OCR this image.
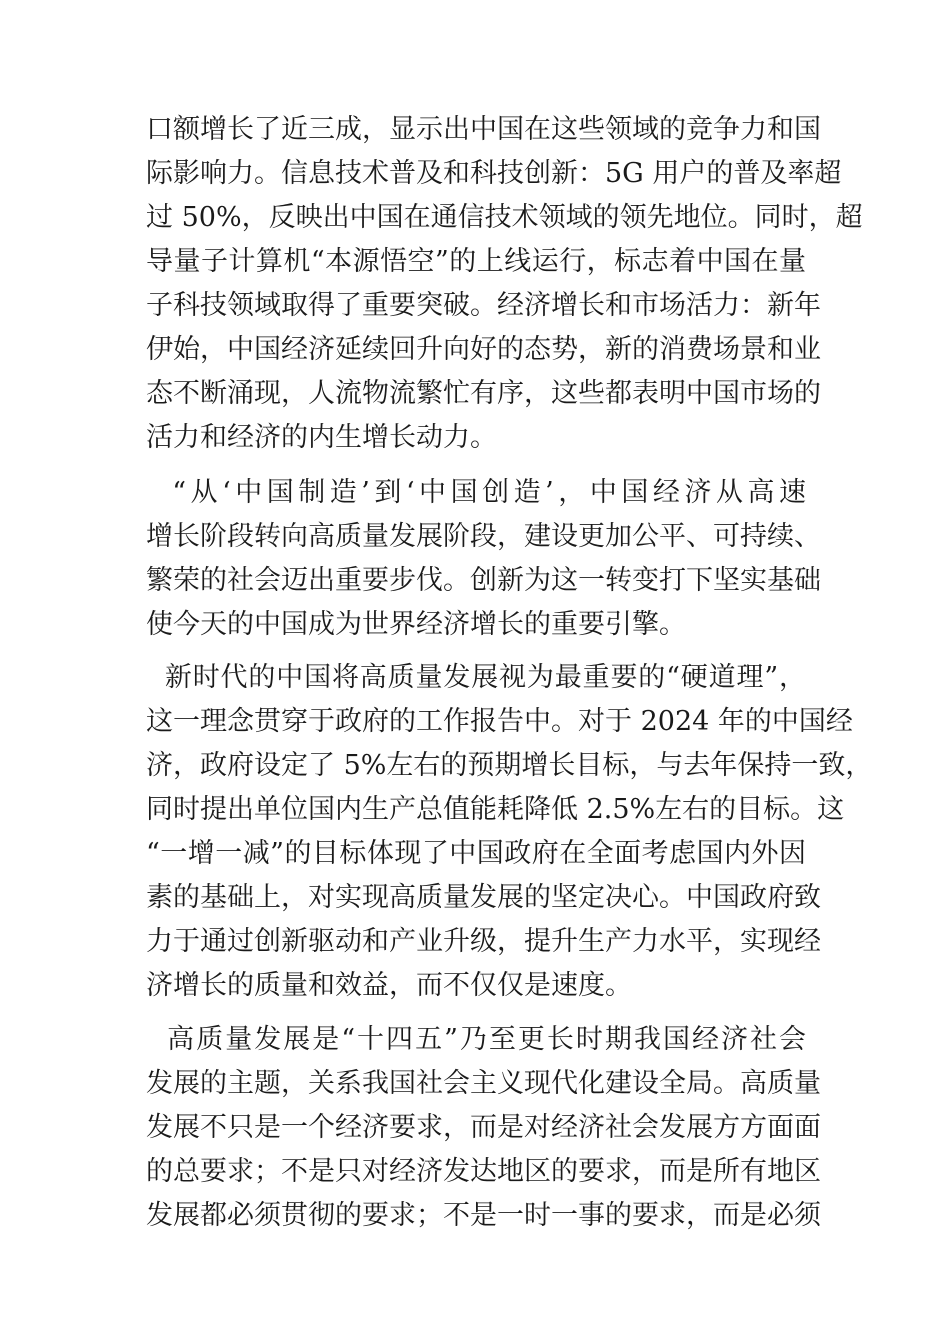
口额增长了近三成，显示出中国在这些领域的竞争力和国
际影响力。信息技术普及和科技创新：5G 用户的普及率超
过 50%，反映出中国在通信技术领域的领先地位。同时，超
导量子计算机“本源悟空”的上线运行，标志着中国在量
子科技领域取得了重要突破。经济增长和市场活力：新年
伊始，中国经济延续回升向好的态势，新的消费场景和业
态不断涌现，人流物流繁忙有序，这些都表明中国市场的
活力和经济的内生增长动力。
“从‘中国制造’到‘中国创造’，中国经济从高速
增长阶段转向高质量发展阶段，建设更加公平、可持续、
繁荣的社会迈出重要步伐。创新为这一转变打下坚实基础
使今天的中国成为世界经济增长的重要引擎。
新时代的中国将高质量发展视为最重要的“硬道理”，
这一理念贯穿于政府的工作报告中。对于 2024 年的中国经
济，政府设定了 5%左右的预期增长目标，与去年保持一致，
同时提出单位国内生产总值能耗降低 2.5%左右的目标。这
“一增一减”的目标体现了中国政府在全面考虑国内外因
素的基础上，对实现高质量发展的坚定决心。中国政府致
力于通过创新驱动和产业升级，提升生产力水平，实现经
济增长的质量和效益，而不仅仅是速度。
高质量发展是“十四五”乃至更长时期我国经济社会
发展的主题，关系我国社会主义现代化建设全局。高质量
发展不只是一个经济要求，而是对经济社会发展方方面面
的总要求；不是只对经济发达地区的要求，而是所有地区
发展都必须贯彻的要求；不是一时一事的要求，而是必须
